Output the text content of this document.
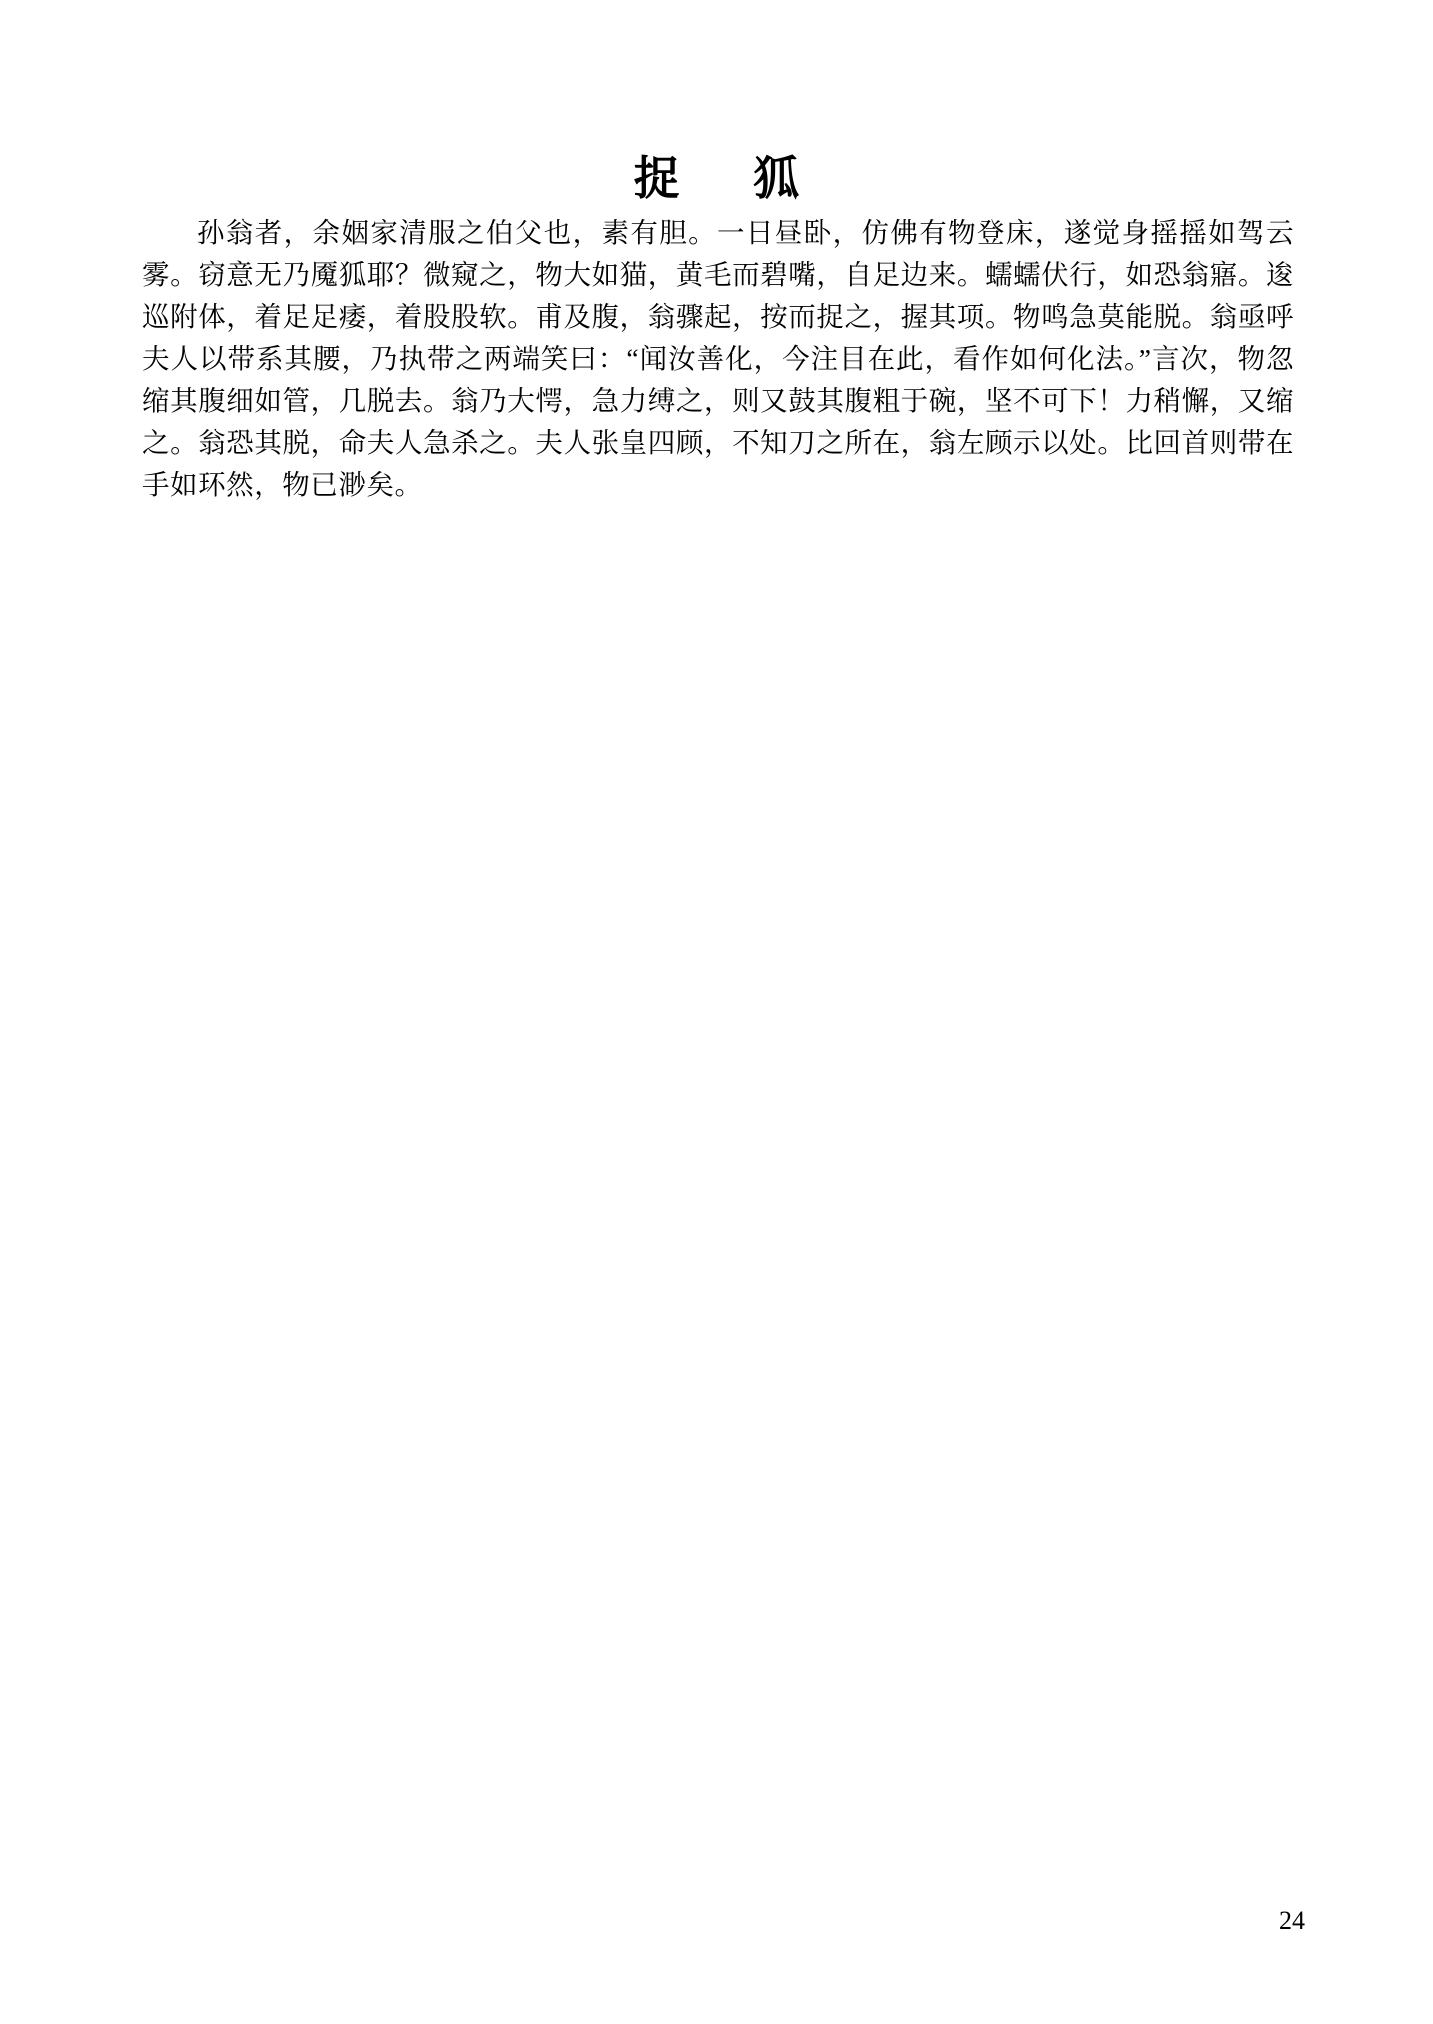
捉　狐

孙翁者，余姻家清服之伯父也，素有胆。一日昼卧，仿佛有物登床，遂觉身摇摇如驾云雾。窃意无乃魇狐耶？微窥之，物大如猫，黄毛而碧嘴，自足边来。蠕蠕伏行，如恐翁寤。逡巡附体，着足足痿，着股股软。甫及腹，翁骤起，按而捉之，握其项。物鸣急莫能脱。翁亟呼夫人以带系其腰，乃执带之两端笑曰：“闻汝善化，今注目在此，看作如何化法。”言次，物忽缩其腹细如管，几脱去。翁乃大愕，急力缚之，则又鼓其腹粗于碗，坚不可下！力稍懈，又缩之。翁恐其脱，命夫人急杀之。夫人张皇四顾，不知刀之所在，翁左顾示以处。比回首则带在手如环然，物已渺矣。

24
